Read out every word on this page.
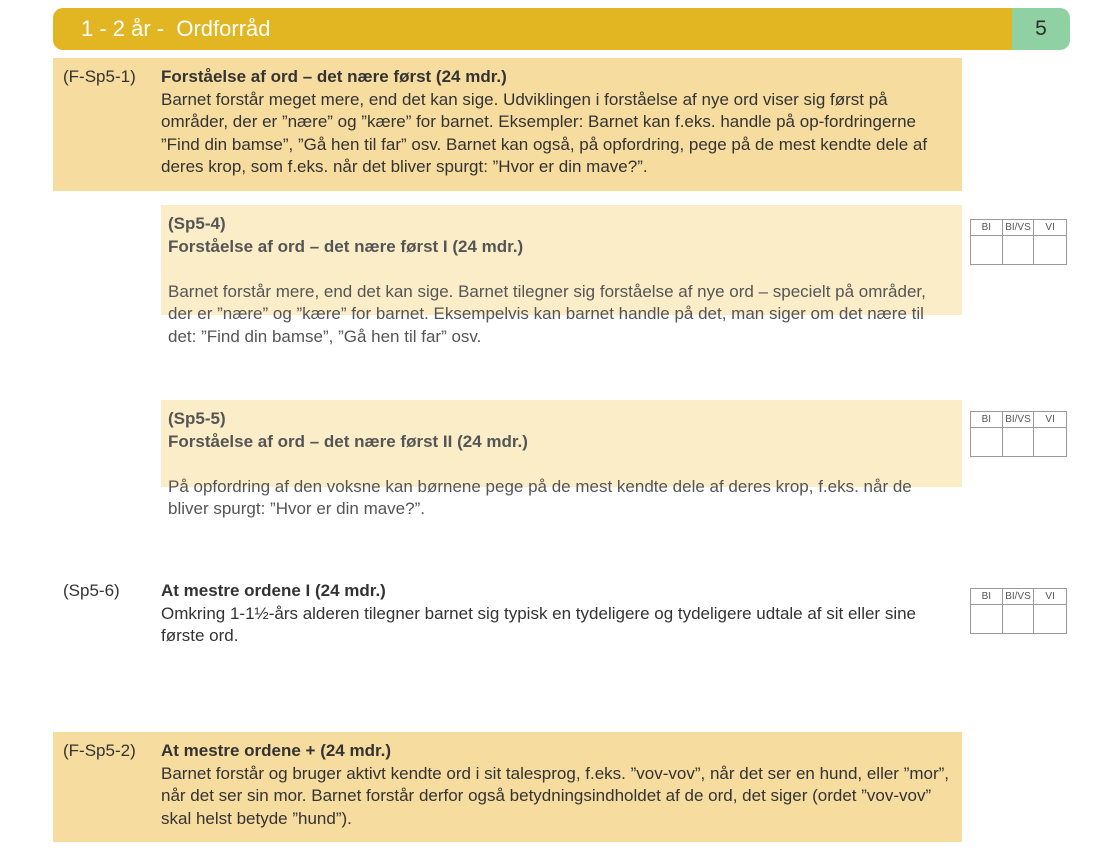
1 - 2 år -  Ordforråd	5
(F-Sp5-1) Forståelse af ord – det nære først (24 mdr.)
Barnet forstår meget mere, end det kan sige. Udviklingen i forståelse af nye ord viser sig først på områder, der er ”nære” og ”kære” for barnet. Eksempler: Barnet kan f.eks. handle på op-fordringerne ”Find din bamse”, ”Gå hen til far” osv. Barnet kan også, på opfordring, pege på de mest kendte dele af deres krop, som f.eks. når det bliver spurgt: ”Hvor er din mave?”.
(Sp5-4)
Forståelse af ord – det nære først I (24 mdr.)

Barnet forstår mere, end det kan sige. Barnet tilegner sig forståelse af nye ord – specielt på områder, der er ”nære” og ”kære” for barnet. Eksempelvis kan barnet handle på det, man siger om det nære til det: ”Find din bamse”, ”Gå hen til far” osv.
BI	BI/VS	VI
(Sp5-5)
Forståelse af ord – det nære først II (24 mdr.)

På opfordring af den voksne kan børnene pege på de mest kendte dele af deres krop, f.eks. når de bliver spurgt: ”Hvor er din mave?”.
BI	BI/VS	VI
(Sp5-6) At mestre ordene I (24 mdr.)
Omkring 1-1½-års alderen tilegner barnet sig typisk en tydeligere og tydeligere udtale af sit eller sine første ord.
BI	BI/VS	VI
(F-Sp5-2) At mestre ordene + (24 mdr.)
Barnet forstår og bruger aktivt kendte ord i sit talesprog, f.eks. ”vov-vov”, når det ser en hund, eller ”mor”, når det ser sin mor. Barnet forstår derfor også betydningsindholdet af de ord, det siger (ordet ”vov-vov” skal helst betyde ”hund”).
